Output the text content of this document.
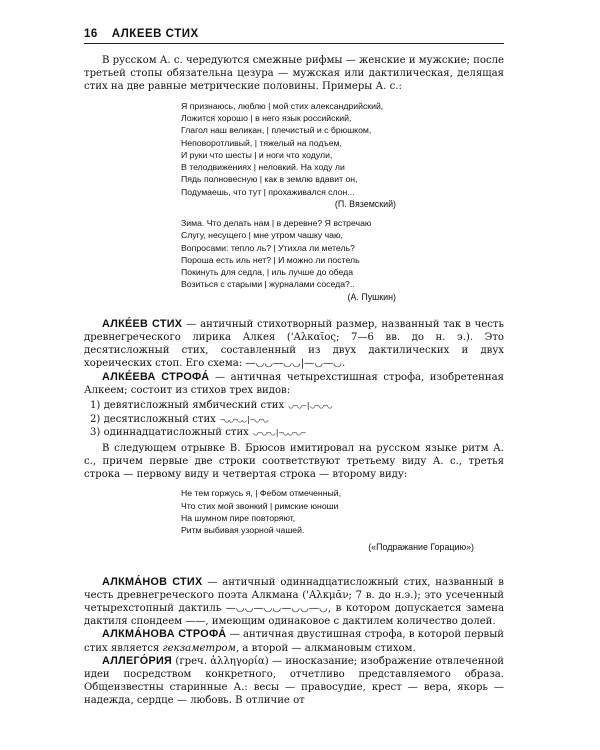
16 АЛКЕЕВ СТИХ

В русском А. с. чередуются смежные рифмы — женские и мужские; после третьей стопы обязательна цезура — мужская или дактилическая, делящая стих на две равные метрические половины. Примеры А. с.:

Я признаюсь, люблю | мой стих александрийский,
Ложится хорошо | в него язык российский,
Глагол наш великан, | плечистый и с брюшком,
Неповоротливый, | тяжелый на подъем,
И руки что шесты | и ноги что ходули,
В телодвижениях | неловкий. На ходу ли
Пядь полновесную | как в землю вдавит он,
Подумаешь, что тут | прохаживался слон...
(П. Вяземский)
Зима. Что делать нам | в деревне? Я встречаю
Слугу, несущего | мне утром чашку чаю,
Вопросами: тепло ль? | Утихла ли метель?
Пороша есть иль нет? | И можно ли постель
Покинуть для седла, | иль лучше до обеда
Возиться с старыми | журналами соседа?..
(А. Пушкин)

АЛКЕ́ЕВ СТИХ — античный стихотворный размер, названный так в честь древнегреческого лирика Алкея ('Αλκαῖος; 7—6 вв. до н. э.). Это десятисложный стих, составленный из двух дактилических и двух хореических стоп. Его схема: —◡◡—◡◡|—◡—◡.

АЛКЕ́ЕВА СТРОФА́ — античная четырехстишная строфа, изобретенная Алкеем; состоит из стихов трех видов:

1) девятисложный ямбический стих ◡—◡—|◡—◡—◡
2) десятисложный стих —◡◡—◡◡|—◡—◡
3) одиннадцатисложный стих ◡—◡—◡|—◡◡—◡—

В следующем отрывке В. Брюсов имитировал на русском языке ритм А. с., причем первые две строки соответствуют третьему виду А. с., третья строка — первому виду и четвертая строка — второму виду:

Не тем горжусь я, | Фебом отмеченный,
Что стих мой звонкий | римские юноши
На шумном пире повторяют,
Ритм выбивая узорной чашей.
(«Подражание Горацию»)

АЛКМА́НОВ СТИХ — античный одиннадцатисложный стих, названный в честь древнегреческого поэта Алкмана ('Αλκμᾶν; 7 в. до н.э.); это усеченный четырехстопный дактиль —◡◡—◡◡—◡◡—◡, в котором допускается замена дактиля спондеем ——, имеющим одинаковое с дактилем количество долей.

АЛКМА́НОВА СТРОФА́ — античная двустишная строфа, в которой первый стих является гекзаметром, а второй — алкмановым стихом.

АЛЛЕГО́РИЯ (греч. ἀλληγορία) — иносказание; изображение отвлеченной идеи посредством конкретного, отчетливо представляемого образа. Общеизвестны старинные А.: весы — правосудие, крест — вера, якорь — надежда, сердце — любовь. В отличие от
